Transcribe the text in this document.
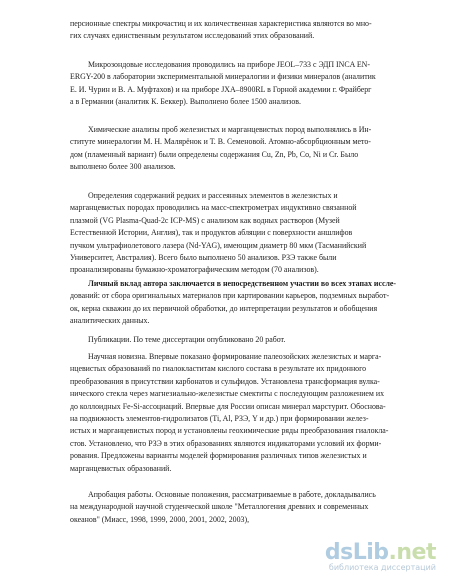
персионные спектры микрочастиц и их количественная характеристика являются во мно-
гих случаях единственным результатом исследований этих образований.
Микрозондовые исследования проводились на приборе JEOL–733 с ЭДП INCA EN-
ERGY-200 в лаборатории экспериментальной минералогии и физики минералов (аналитик
Е. И. Чурин и В. А. Муфтахов) и на приборе JXA–8900RL в Горной академии г. Фрайберг
а в Германии (аналитик К. Беккер). Выполнено более 1500 анализов.
Химические анализы проб железистых и марганцевистых пород выполнялись в Ин-
ституте минералогии М. Н. Малярёнок и Т. В. Семеновой. Атомно-абсорбционным мето-
дом (пламенный вариант) были определены содержания Cu, Zn, Pb, Co, Ni и Cr. Было
выполнено более 300 анализов.
Определения содержаний редких и рассеянных элементов в железистых и
марганцевистых породах проводились на масс-спектрометрах индуктивно связанной
плазмой (VG Plasma-Quad-2c ICP-MS) с анализом как водных растворов (Музей
Естественной Истории, Англия), так и продуктов абляции с поверхности аншлифов
пучком ультрафиолетового лазера (Nd-YAG), имеющим диаметр 80 мкм (Тасманийский
Университет, Австралия). Всего было выполнено 50 анализов. РЗЭ также были
проанализированы бумажно-хроматографическим методом (70 анализов).
Личный вклад автора заключается в непосредственном участии во всех этапах иссле-
дований: от сбора оригинальных материалов при картировании карьеров, подземных выработ-
ок, керна скважин до их первичной обработки, до интерпретации результатов и обобщения
аналитических данных.
Публикации. По теме диссертации опубликовано 20 работ.
Научная новизна. Впервые показано формирование палеозойских железистых и марга-
нцевистых образований по гиалокластитам кислого состава в результате их придонного
преобразования в присутствии карбонатов и сульфидов. Установлена трансформация вулка-
нического стекла через магнезиально-железистые смектиты с последующим разложением их
до коллоидных Fe-Si-ассоциаций. Впервые для России описан минерал марстурит. Обоснова-
на подвижность элементов-гидролизатов (Ti, Al, РЗЭ, Y и др.) при формировании желез-
истых и марганцевистых пород и установлены геохимические ряды преобразования гиалокла-
стов. Установлено, что РЗЭ в этих образованиях являются индикаторами условий их форми-
рования. Предложены варианты моделей формирования различных типов железистых и
марганцевистых образований.
Апробация работы. Основные положения, рассматриваемые в работе, докладывались
на международной научной студенческой школе "Металлогения древних и современных
океанов" (Миасс, 1998, 1999, 2000, 2001, 2002, 2003),
dsLib.net
библиотека диссертаций
